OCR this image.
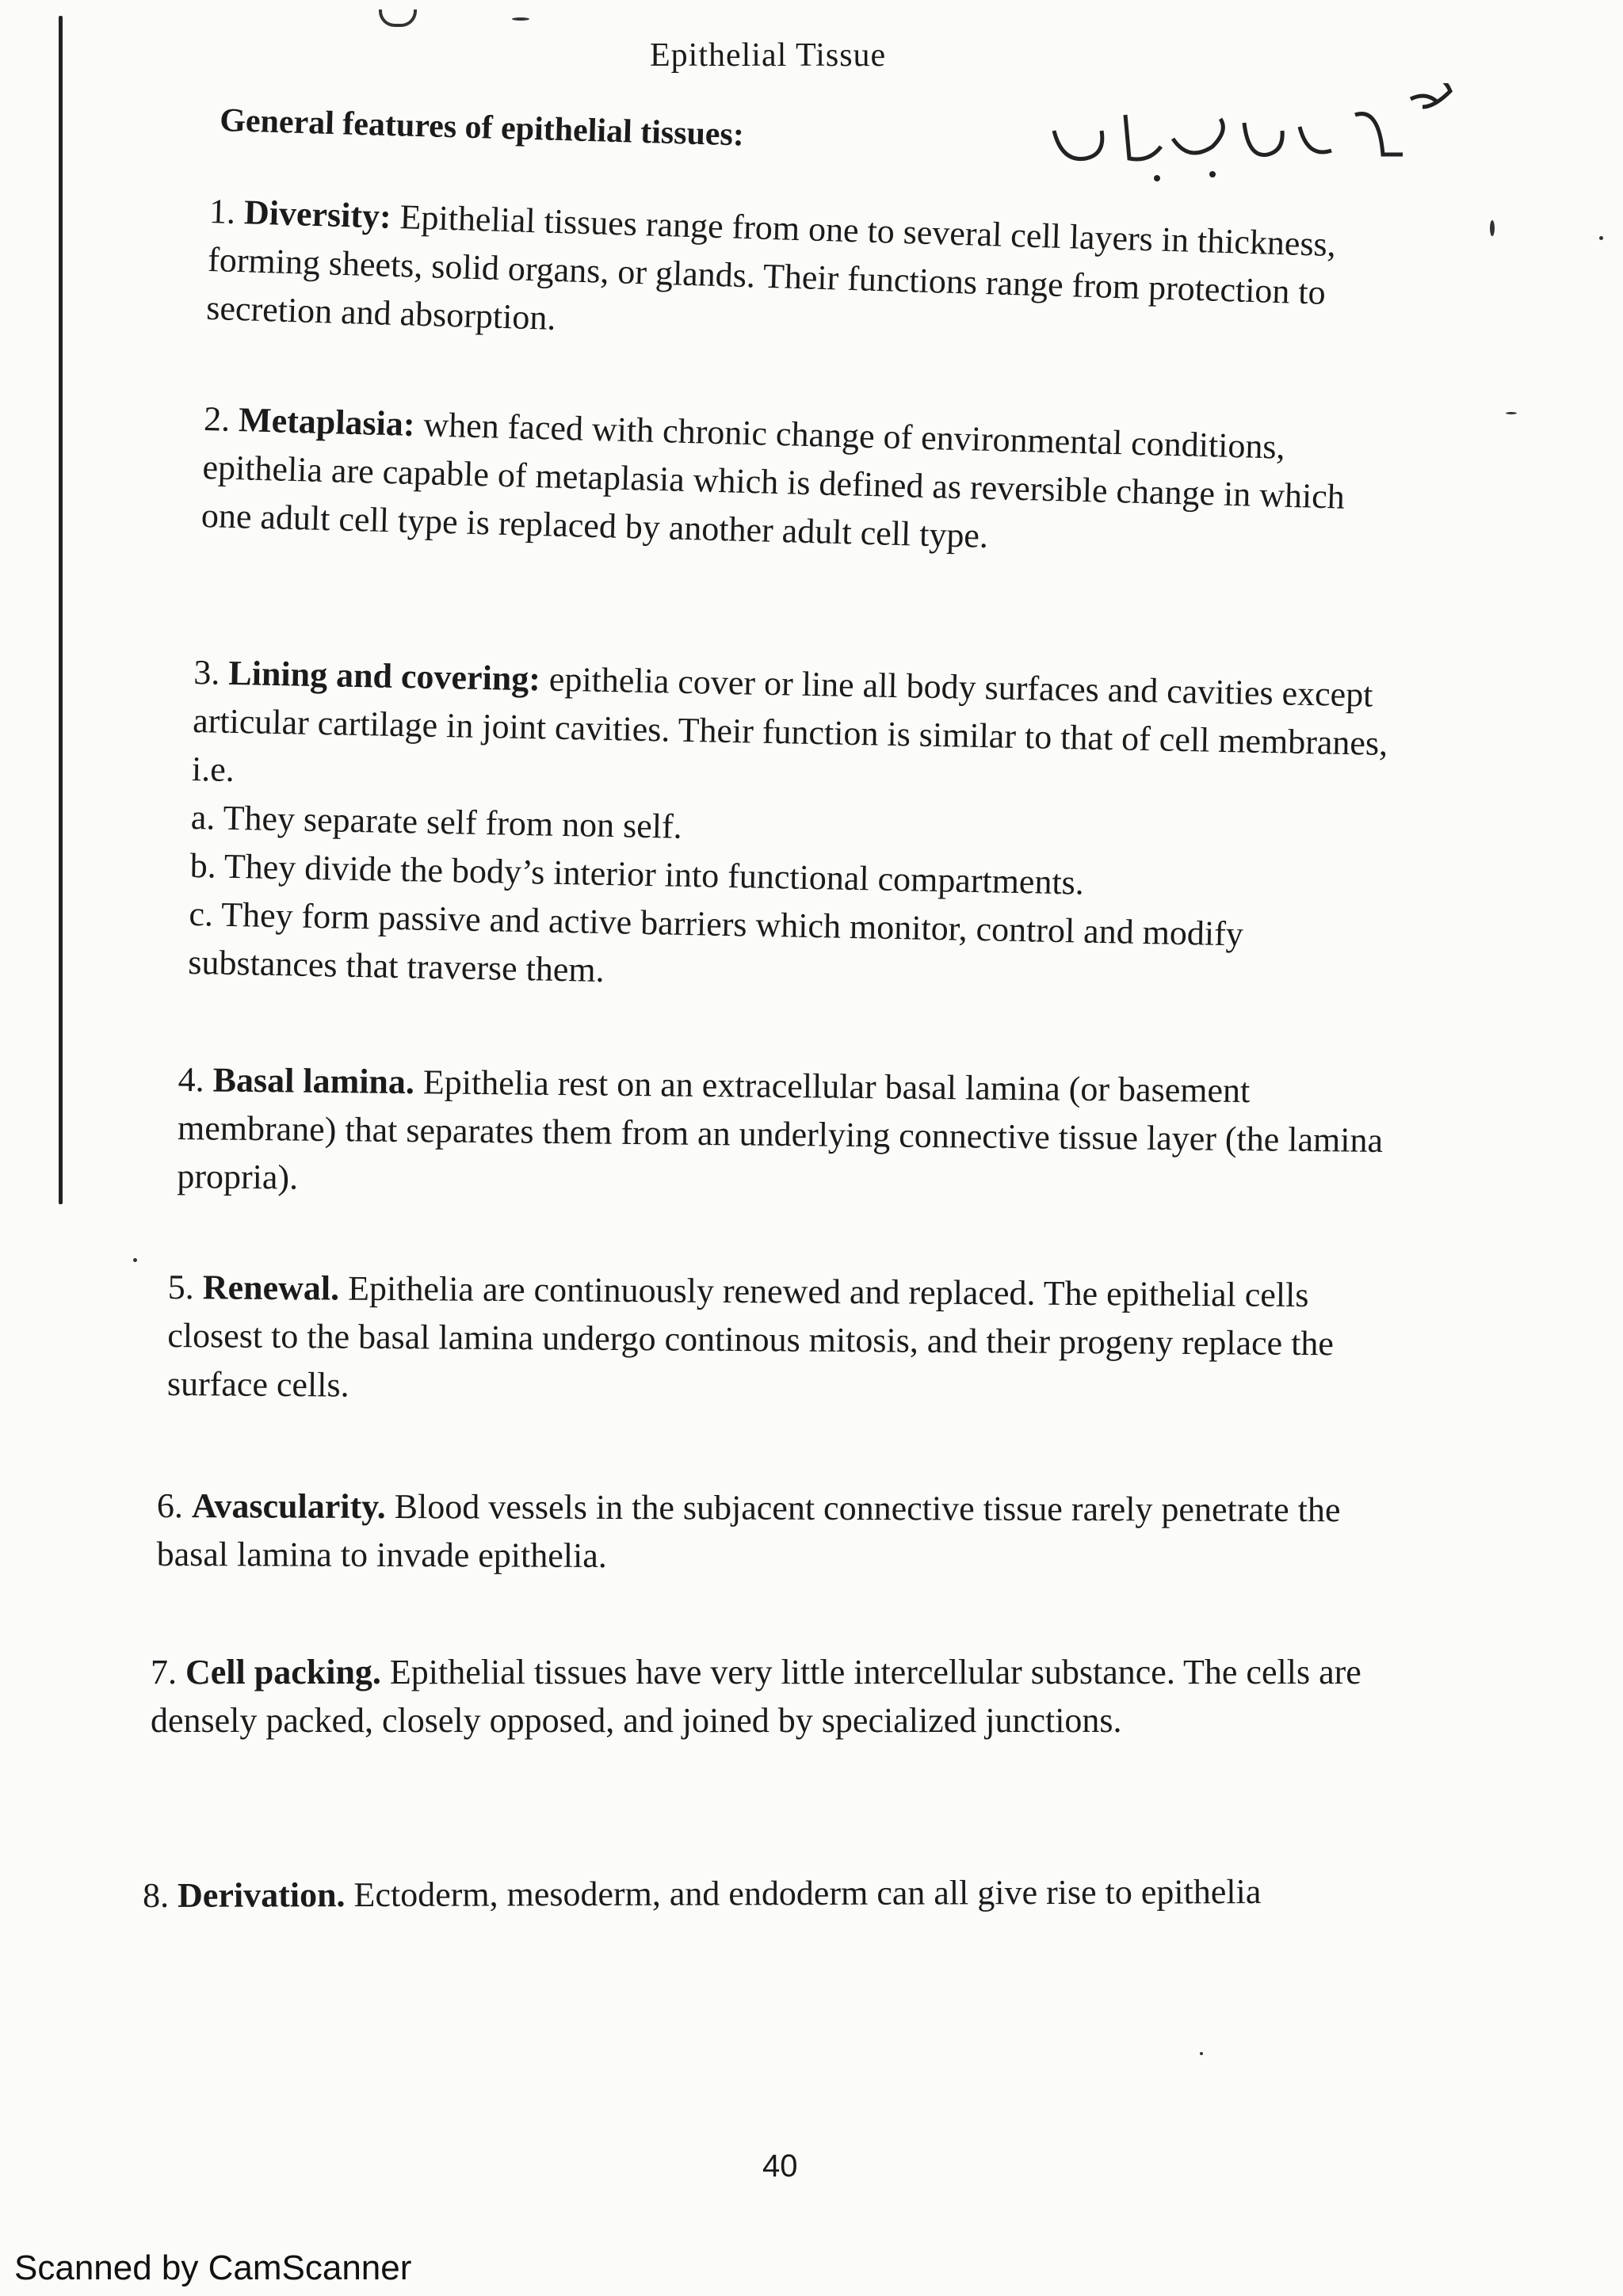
Epithelial Tissue
General features of epithelial tissues:

1. Diversity: Epithelial tissues range from one to several cell layers in thickness, forming sheets, solid organs, or glands. Their functions range from protection to secretion and absorption.

2. Metaplasia: when faced with chronic change of environmental conditions, epithelia are capable of metaplasia which is defined as reversible change in which one adult cell type is replaced by another adult cell type.

3. Lining and covering: epithelia cover or line all body surfaces and cavities except articular cartilage in joint cavities. Their function is similar to that of cell membranes, i.e.

a. They separate self from non self.

b. They divide the body’s interior into functional compartments.

c. They form passive and active barriers which monitor, control and modify substances that traverse them.

4. Basal lamina. Epithelia rest on an extracellular basal lamina (or basement membrane) that separates them from an underlying connective tissue layer (the lamina propria).

5. Renewal. Epithelia are continuously renewed and replaced. The epithelial cells closest to the basal lamina undergo continous mitosis, and their progeny replace the surface cells.

6. Avascularity. Blood vessels in the subjacent connective tissue rarely penetrate the basal lamina to invade epithelia.

7. Cell packing. Epithelial tissues have very little intercellular substance. The cells are densely packed, closely opposed, and joined by specialized junctions.

8. Derivation. Ectoderm, mesoderm, and endoderm can all give rise to epithelia

40
Scanned by CamScanner
